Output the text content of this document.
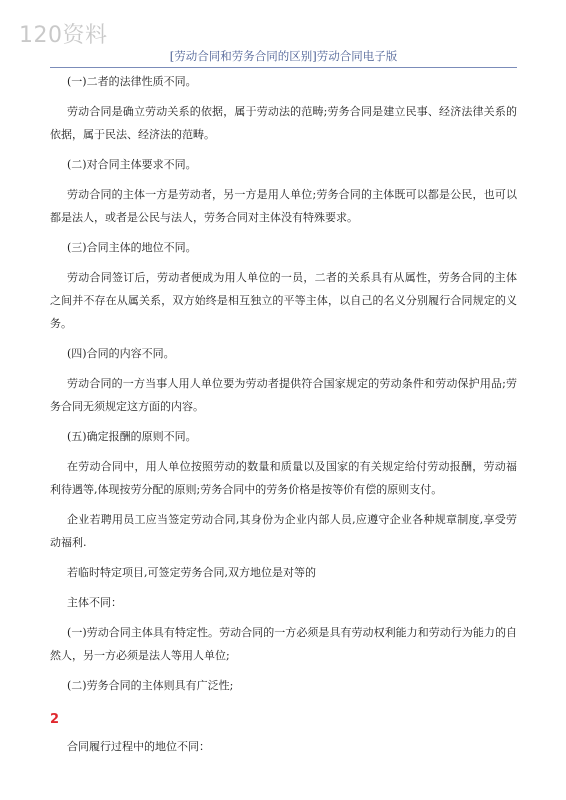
120资料
[劳动合同和劳务合同的区别]劳动合同电子版

(一)二者的法律性质不同。

劳动合同是确立劳动关系的依据，属于劳动法的范畴;劳务合同是建立民事、经济法律关系的依据，属于民法、经济法的范畴。

(二)对合同主体要求不同。

劳动合同的主体一方是劳动者，另一方是用人单位;劳务合同的主体既可以都是公民，也可以都是法人，或者是公民与法人，劳务合同对主体没有特殊要求。

(三)合同主体的地位不同。

劳动合同签订后，劳动者便成为用人单位的一员，二者的关系具有从属性，劳务合同的主体之间并不存在从属关系，双方始终是相互独立的平等主体，以自己的名义分别履行合同规定的义务。

(四)合同的内容不同。

劳动合同的一方当事人用人单位要为劳动者提供符合国家规定的劳动条件和劳动保护用品;劳务合同无须规定这方面的内容。

(五)确定报酬的原则不同。

在劳动合同中，用人单位按照劳动的数量和质量以及国家的有关规定给付劳动报酬，劳动福利待遇等,体现按劳分配的原则;劳务合同中的劳务价格是按等价有偿的原则支付。

企业若聘用员工应当签定劳动合同,其身份为企业内部人员,应遵守企业各种规章制度,享受劳动福利.

若临时特定项目,可签定劳务合同,双方地位是对等的

主体不同：

(一)劳动合同主体具有特定性。劳动合同的一方必须是具有劳动权利能力和劳动行为能力的自然人，另一方必须是法人等用人单位;

(二)劳务合同的主体则具有广泛性;

2
合同履行过程中的地位不同：
